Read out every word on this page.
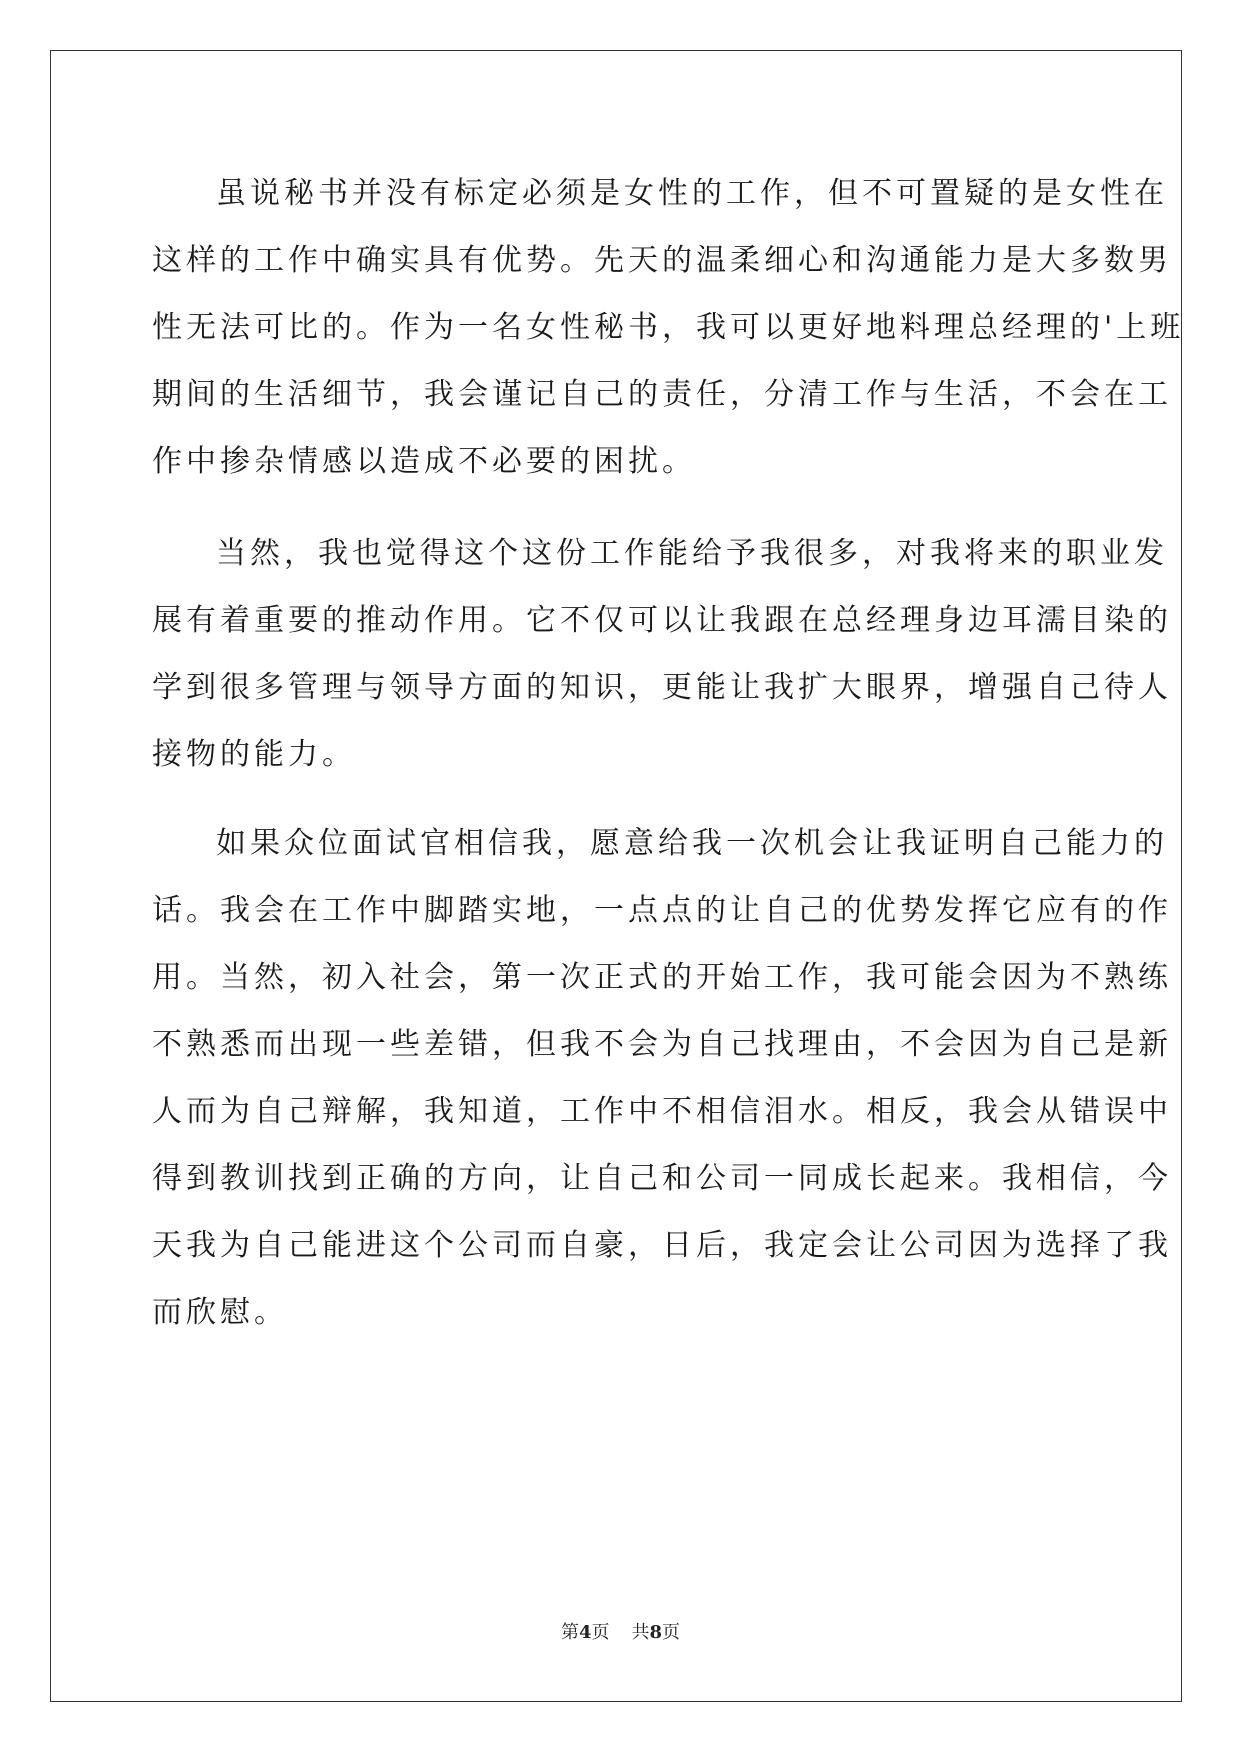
虽说秘书并没有标定必须是女性的工作，但不可置疑的是女性在
这样的工作中确实具有优势。先天的温柔细心和沟通能力是大多数男
性无法可比的。作为一名女性秘书，我可以更好地料理总经理的'上班
期间的生活细节，我会谨记自己的责任，分清工作与生活，不会在工
作中掺杂情感以造成不必要的困扰。

当然，我也觉得这个这份工作能给予我很多，对我将来的职业发
展有着重要的推动作用。它不仅可以让我跟在总经理身边耳濡目染的
学到很多管理与领导方面的知识，更能让我扩大眼界，增强自己待人
接物的能力。

如果众位面试官相信我，愿意给我一次机会让我证明自己能力的
话。我会在工作中脚踏实地，一点点的让自己的优势发挥它应有的作
用。当然，初入社会，第一次正式的开始工作，我可能会因为不熟练
不熟悉而出现一些差错，但我不会为自己找理由，不会因为自己是新
人而为自己辩解，我知道，工作中不相信泪水。相反，我会从错误中
得到教训找到正确的方向，让自己和公司一同成长起来。我相信，今
天我为自己能进这个公司而自豪，日后，我定会让公司因为选择了我
而欣慰。

第4页 共8页
